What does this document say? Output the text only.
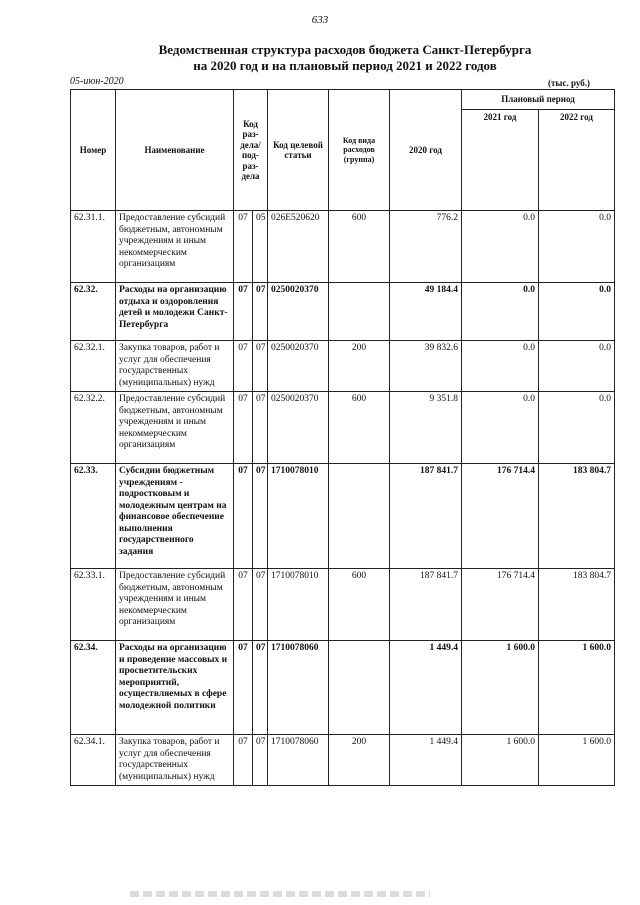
633
Ведомственная структура расходов бюджета Санкт-Петербурга
на 2020 год и на плановый период 2021 и 2022 годов
05-июн-2020	(тыс. руб.)
Номер	Наименование	Код раз-дела/ под-раз-дела		Код целевой статьи	Код вида расходов (группа)	2020 год	Плановый период	
							2021 год	2022 год
62.31.1.	Предоставление субсидий бюджетным, автономным учреждениям и иным некоммерческим организациям	07	05	026E520620	600	776.2	0.0	0.0
62.32.	Расходы на организацию отдыха и оздоровления детей и молодежи Санкт-Петербурга	07	07	0250020370		49 184.4	0.0	0.0
62.32.1.	Закупка товаров, работ и услуг для обеспечения государственных (муниципальных) нужд	07	07	0250020370	200	39 832.6	0.0	0.0
62.32.2.	Предоставление субсидий бюджетным, автономным учреждениям и иным некоммерческим организациям	07	07	0250020370	600	9 351.8	0.0	0.0
62.33.	Субсидии бюджетным учреждениям - подростковым и молодежным центрам на финансовое обеспечение выполнения государственного задания	07	07	1710078010		187 841.7	176 714.4	183 804.7
62.33.1.	Предоставление субсидий бюджетным, автономным учреждениям и иным некоммерческим организациям	07	07	1710078010	600	187 841.7	176 714.4	183 804.7
62.34.	Расходы на организацию и проведение массовых и просветительских мероприятий, осуществляемых в сфере молодежной политики	07	07	1710078060		1 449.4	1 600.0	1 600.0
62.34.1.	Закупка товаров, работ и услуг для обеспечения государственных (муниципальных) нужд	07	07	1710078060	200	1 449.4	1 600.0	1 600.0
